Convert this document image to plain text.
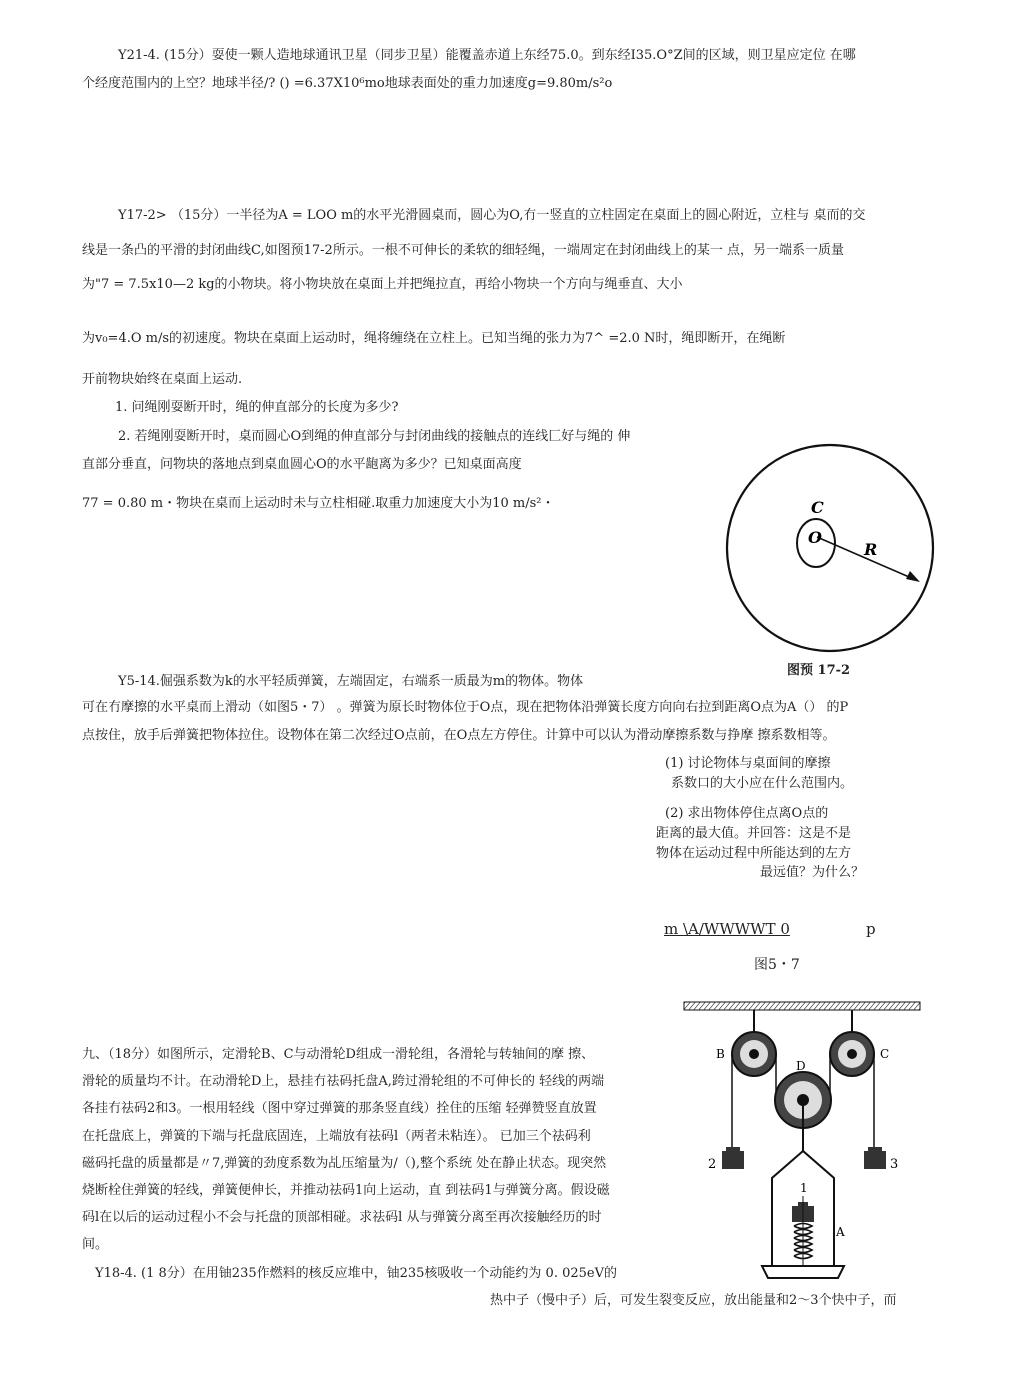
Y21-4. (15分）耍使一颗人造地球通讯卫星（同步卫星）能覆盖赤道上东经75.0。到东经I35.O°Z间的区域，则卫星应定位 在哪
个经度范围内的上空？地球半径/? () =6.37X10⁶mo地球表面处的重力加速度g=9.80m/s²o
Y17-2> （15分）一半径为A = LOO m的水平光滑圆桌而，圆心为O,冇一竖直的立柱固定在桌面上的圆心附近，立柱与 桌而的交
线是一条凸的平滑的封闭曲线C,如图预17-2所示。一根不可伸长的柔软的细轻绳，一端周定在封闭曲线上的某一 点，另一端系一质量
为"7 = 7.5x10—2 kg的小物块。将小物块放在桌面上并把绳拉直，再给小物块一个方向与绳垂直、大小
为v₀=4.O m/s的初速度。物块在桌面上运动时，绳将缠绕在立柱上。已知当绳的张力为7^ =2.0 N时，绳即断开，在绳断
开前物块始终在桌面上运动.
1. 问绳刚耍断开时，绳的伸直部分的长度为多少?
2. 若绳刚耍断开时，桌而圆心O到绳的伸直部分与封闭曲线的接触点的连线匚好与绳的 伸
直部分垂直，问物块的落地点到桌血圆心O的水平龅离为多少？已知桌面高度
77 = 0.80 m・物块在桌而上运动时未与立柱相碰.取重力加速度大小为10 m/s²・	C
O
R
图预 17-2
Y5-14.倔强系数为k的水平轻质弹簧，左端固定，右端系一质最为m的物体。物体
可在冇摩擦的水平桌而上滑动（如图5・7） 。弹簧为原长时物体位于O点，现在把物体沿弹簧长度方向向右拉到距离O点为A（） 的P
点按住，放手后弹簧把物体拉住。设物体在第二次经过O点前，在O点左方停住。计算中可以认为滑动摩擦系数与挣摩 擦系数相等。
(1) 讨论物体与桌面间的摩擦
系数口的大小应在什么范围内。
(2) 求出物体停住点离O点的
距离的最大值。并回答：这是不是
物体在运动过程中所能达到的左方
最远值？为什么？
m \A/WWWWT 0	p
图5・7
九、（18分）如图所示，定滑轮B、C与动滑轮D组成一滑轮组，各滑轮与转轴间的摩 擦、
滑轮的质量均不计。在动滑轮D上，悬挂冇祛码托盘A,跨过滑轮组的不可伸长的 轻线的两端
各挂冇祛码2和3。一根用轻线（图中穿过弹簧的那条竖直线）拴住的压缩 轻弹赞竖直放置
在托盘底上，弹簧的下端与托盘底固连，上端放有祛码l（两者未粘连）。 已加三个祛码利
磁码托盘的质量都是〃7,弹簧的劲度系数为乩压缩量为/（),整个系统 处在静止状态。现突然
烧断栓住弹簧的轻线，弹簧便伸长，并推动祛码1向上运动，直 到祛码1与弹簧分离。假设磁
码l在以后的运动过程小不会与托盘的顶部相碰。求祛码l 从与弹簧分离至再次接触经历的时
间。
B	C
D
2	3
1
A
Y18-4. (1 8分）在用铀235作燃料的核反应堆中，铀235核吸收一个动能约为 0. 025eV的
热中子（慢中子）后，可发生裂变反应，放出能量和2～3个快中子，而
